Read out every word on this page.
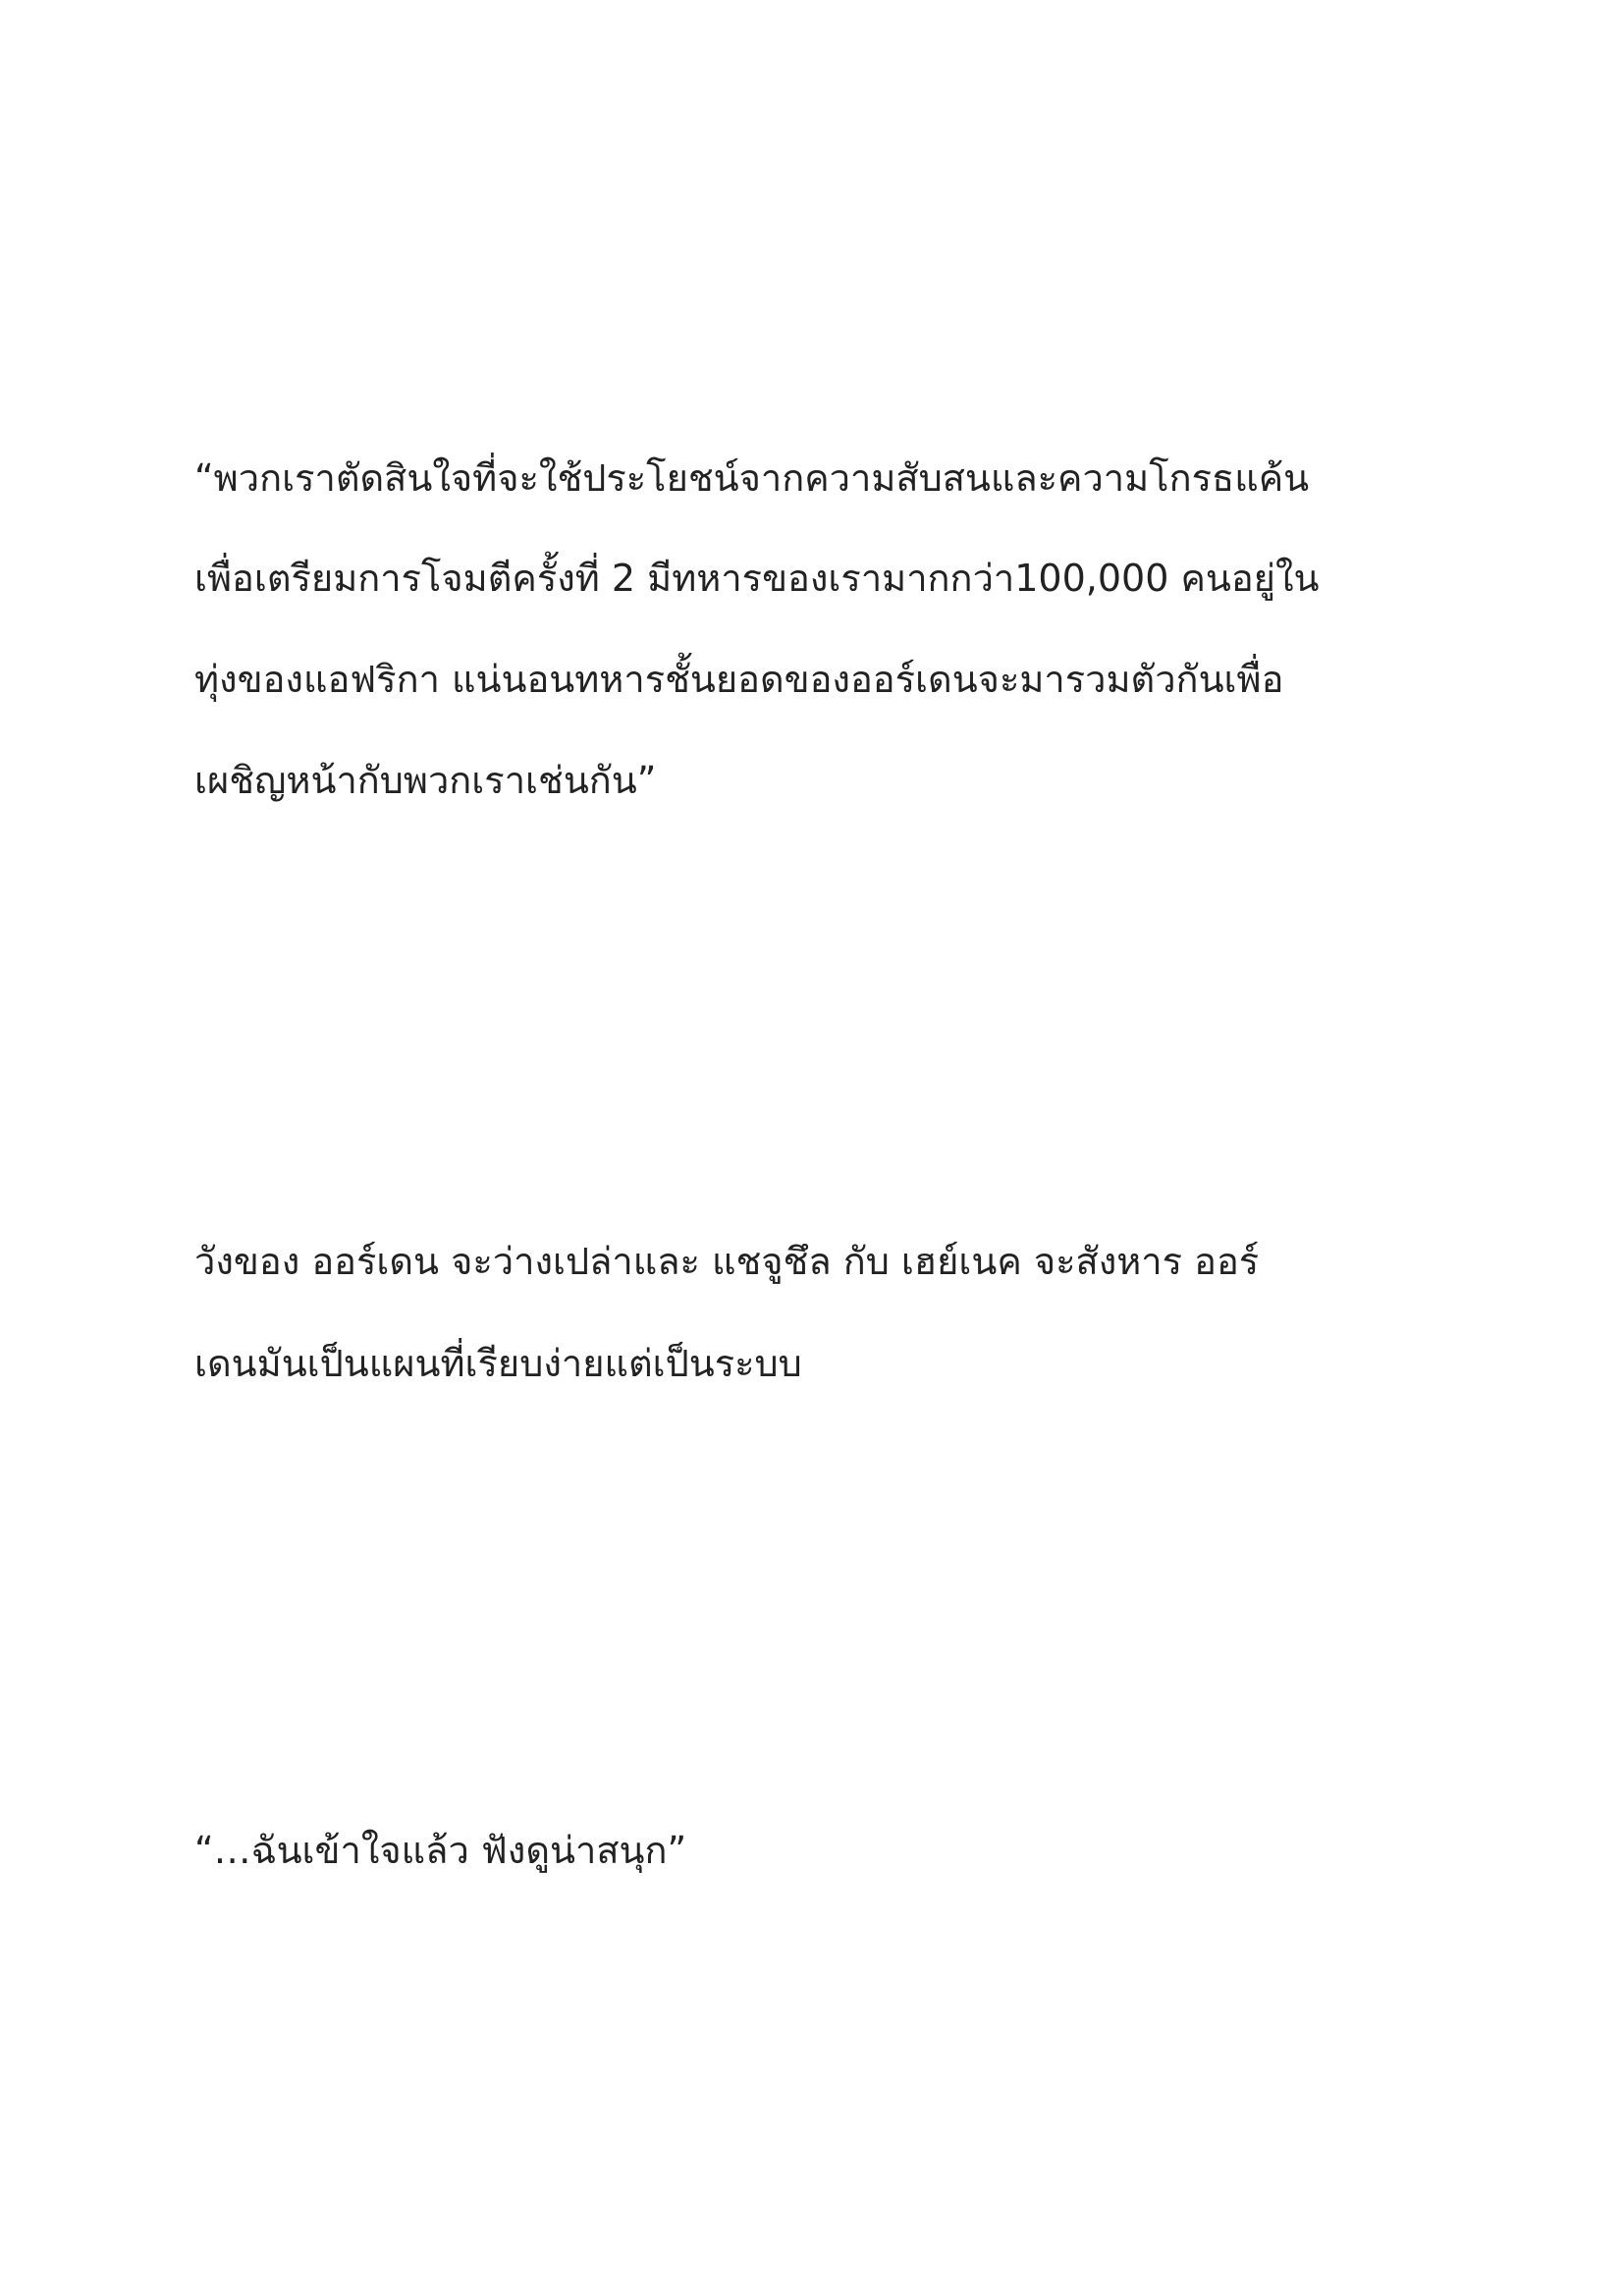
“พวกเราตัดสินใจที่จะใช้ประโยชน์จากความสับสนและความโกรธแค้น

เพื่อเตรียมการโจมตีครั้งที่ 2 มีทหารของเรามากกว่า100,000 คนอยู่ใน

ทุ่งของแอฟริกา แน่นอนทหารชั้นยอดของออร์เดนจะมารวมตัวกันเพื่อ

เผชิญหน้ากับพวกเราเช่นกัน”

วังของ ออร์เดน จะว่างเปล่าและ แชจูชึล กับ เฮย์เนค จะสังหาร ออร์

เดนมันเป็นแผนที่เรียบง่ายแต่เป็นระบบ

“…ฉันเข้าใจแล้ว ฟังดูน่าสนุก”
